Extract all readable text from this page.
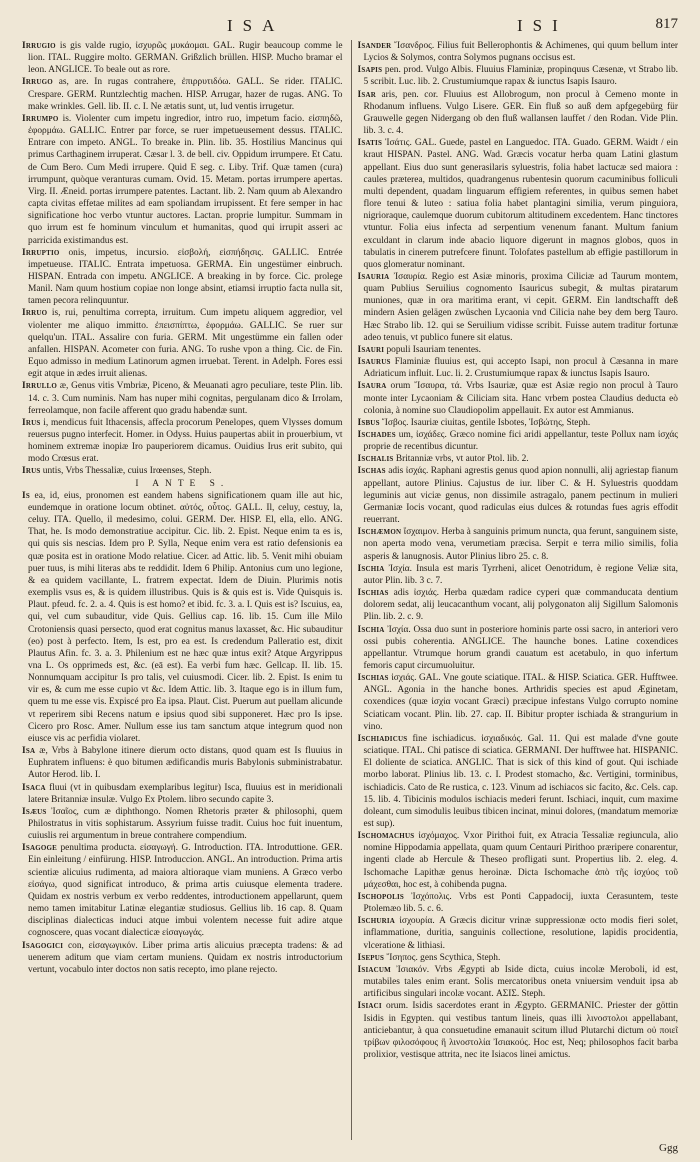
ISA	ISI	817

Irrugio is gis valde rugio, ἰσχυρῶς μυκάομαι. GAL. Rugir beaucoup comme le lion. ITAL. Ruggire molto. GERMAN. Grißzlich brüllen. HISP. Mucho bramar el leon. ANGLICE. To beale out as rore.

Irrugo as, are. In rugas contrahere, ἐπιρρυτιδόω. GALL. Se rider. ITALIC. Crespare. GERM. Runtzlechtig machen. HISP. Arrugar, hazer de rugas. ANG. To make wrinkles. Gell. lib. II. c. I. Ne ætatis sunt, ut, lud ventis irrugetur.

Irrumpo is. Violenter cum impetu ingredior, intro ruo, impetum facio. εἰσπηδῶ, ἐφορμάω. GALLIC. Entrer par force, se ruer impetueusement dessus. ITALIC. Entrare con impeto. ANGL. To breake in. Plin. lib. 35. Hostilius Mancinus qui primus Carthaginem irruperat. Cæsar l. 3. de bell. civ. Oppidum irrumpere. Et Catu. de Cum Bero. Cum Medi irrupere. Quid E seg. c. Liby. Trif. Quæ tamen (cura) irrumpunt, quòque veranturas cumam. Ovid. 15. Metam. portas irrumpere apertas. Virg. II. Æneid. portas irrumpere patentes. Lactant. lib. 2. Nam quum ab Alexandro capta civitas effetae milites ad eam spoliandam irrupissent. Et fere semper in hac significatione hoc verbo vtuntur auctores. Lactan. proprie lumpitur. Summam in quo irrum est fe hominum vinculum et humanitas, quod qui irrupit asseri ac parricida existimandus est.

Irruptio onis, impetus, incursio. εἰσβολή, εἰσπήδησις. GALLIC. Entrée impetueuse. ITALIC. Entrata impetuosa. GERMA. Ein ungestümer einbruch. HISPAN. Entrada con impetu. ANGLICE. A breaking in by force. Cic. prolege Manil. Nam quum hostium copiae non longe absint, etiamsi irruptio facta nulla sit, tamen pecora relinquuntur.

Irruo is, rui, penultima correpta, irruitum. Cum impetu aliquem aggredior, vel violenter me aliquo immitto. ἐπεισπίπτω, ἐφορμάω. GALLIC. Se ruer sur quelqu'un. ITAL. Assalire con furia. GERM. Mit ungestümme ein fallen oder anfallen. HISPAN. Acometer con furia. ANG. To rushe vpon a thing. Cic. de Fin. Equo admisso in medium Latinorum agmen irruebat. Terent. in Adelph. Fores essi egit atque in ædes irruit alienas.

Irrullo æ, Genus vitis Vmbriæ, Piceno, & Meuanati agro peculiare, teste Plin. lib. 14. c. 3. Cum numinis. Nam has nuper mihi cognitas, pergulanam dico & Irrolam, ferreolamque, non facile afferent quo gradu habendæ sunt.

Irus i, mendicus fuit Ithacensis, affecla procorum Penelopes, quem Vlysses domum reuersus pugno interfecit. Homer. in Odyss. Huius paupertas abiit in prouerbium, vt hominem extremæ inopiæ Iro pauperiorem dicamus. Ouidius Irus erit subito, qui modo Crœsus erat.

Irus untis, Vrbs Thessaliæ, cuius Irœenses, Steph.

I ANTE S.

Is ea, id, eius, pronomen est eandem habens significationem quam ille aut hic, eundemque in oratione locum obtinet. αὐτός, οὗτος. GALL. Il, celuy, cestuy, la, celuy. ITA. Quello, il medesimo, colui. GERM. Der. HISP. El, ella, ello. ANG. That, he. Is modo demonstratiue accipitur. Cic. lib. 2. Epist. Neque enim ta es is, qui quis sis nescias. Idem pro P. Sylla, Neque enim vera est ratio defensionis ea quæ posita est in oratione Modo relatiue. Cicer. ad Attic. lib. 5. Venit mihi obuiam puer tuus, is mihi literas abs te reddidit. Idem 6 Philip. Antonius cum uno legione, & ea quidem vacillante, L. fratrem expectat. Idem de Diuin. Plurimis notis exemplis vsus es, & is quidem illustribus. Quis is & quis est is. Vide Quisquis is. Plaut. pfeud. fc. 2. a. 4. Quis is est homo? et ibid. fc. 3. a. I. Quis est is? Iscuius, ea, qui, vel cum subauditur, vide Quis. Gellius cap. 16. lib. 15. Cum ille Milo Crotoniensis quasi persecto, quod erat cognitus manus laxasset, &c. Hic subauditur (eo) post à perfecto. Item, Is est, pro ea est. Is credendum Palleratio est, dixit Plautus Afin. fc. 3. a. 3. Philenium est ne hæc quæ intus exit? Atque Argyrippus vna L. Os opprimeds est, &c. (eā est). Ea verbi fum hæc. Gellcap. II. lib. 15. Nonnumquam accipitur Is pro talis, vel cuiusmodi. Cicer. lib. 2. Epist. Is enim tu vir es, & cum me esse cupio vt &c. Idem Attic. lib. 3. Itaque ego is in illum fum, quem tu me esse vis. Expiscé pro Ea ipsa. Plaut. Cist. Puerum aut puellam alicunde vt reperirem sibi Recens natum e ipsius quod sibi supponeret. Hæc pro Is ipse. Cicero pro Rosc. Amer. Nullum esse ius tam sanctum atque integrum quod non eiusce vis ac perfidia violaret.

Isa æ, Vrbs à Babylone itinere dierum octo distans, quod quam est Is fluuius in Euphratem influens: è quo bitumen ædificandis muris Babylonis subministrabatur. Autor Herod. lib. I.

Isaca fluui (vt in quibusdam exemplaribus legitur) Isca, fluuius est in meridionali latere Britanniæ insulæ. Vulgo Ex Ptolem. libro secundo capite 3.

Isæus Ἰσαῖος, cum æ diphthongo. Nomen Rhetoris præter & philosophi, quem Philostratus in vitis sophistarum. Assyrium fuisse tradit. Cuius hoc fuit inuentum, cuiuslis rei argumentum in breue contrahere compendium.

Isagoge penultima producta. εἰσαγωγή. G. Introduction. ITA. Introduttione. GER. Ein einleitung / einfürung. HISP. Introduccion. ANGL. An introduction. Prima artis scientiæ alicuius rudimenta, ad maiora altioraque viam muniens. A Græco verbo εἰσάγω, quod significat introduco, & prima artis cuiusque elementa tradere. Quidam ex nostris verbum ex verbo reddentes, introductionem appellarunt, quem nemo tamen imitabitur Latinæ elegantiæ studiosus. Gellius lib. 16 cap. 8. Quam disciplinas dialecticas induci atque imbui volentem necesse fuit adire atque cognoscere, quas vocant dialecticæ εἰσαγωγάς.

Isagogici con, εἰσαγωγικόν. Liber prima artis alicuius præcepta tradens: & ad uenerem aditum que viam certam muniens. Quidam ex nostris introductorium vertunt, vocabulo inter doctos non satis recepto, imo plane rejecto.

Isander Ἴσανδρος. Filius fuit Bellerophontis & Achimenes, qui quum bellum inter Lycios & Solymos, contra Solymos pugnans occisus est.

Isapis pen. prod. Vulgo Albis. Fluuius Flaminiæ, propinquus Cæsenæ, vt Strabo lib. 5 scribit. Luc. lib. 2. Crustumiumque rapax & iunctus Isapis Isauro.

Isar aris, pen. cor. Fluuius est Allobrogum, non procul à Cemeno monte in Rhodanum influens. Vulgo Lisere. GER. Ein fluß so auß dem apfgegebürg für Grauwelle gegen Nidergang ob den fluß wallansen lauffet / den Rodan. Vide Plin. lib. 3. c. 4.

Isatis Ἰσάτις. GAL. Guede, pastel en Languedoc. ITA. Guado. GERM. Waidt / ein kraut HISPAN. Pastel. ANG. Wad. Græcis vocatur herba quam Latini glastum appellant. Eius duo sunt generasilaris syluestris, folia habet lactucæ sed maiora : caules præterea, multidos, quadrangenus rubentesin quorum cacuminibus folliculi multi dependent, quadam linguarum effigiem referentes, in quibus semen habet flore tenui & luteo : satiua folia habet plantagini similia, verum pinguiora, nigrioraque, caulemque duorum cubitorum altitudinem excedentem. Hanc tinctores vtuntur. Folia eius infecta ad serpentium venenum fanant. Multum fanium exculdant in clarum inde abacio liquore digerunt in magnos globos, quos in tabulatis in cinerem putrefcere finunt. Tolofates pastellum ab effigie pastillorum in quos glomeratur nominant.

Isauria Ἰσαυρία. Regio est Asiæ minoris, proxima Ciliciæ ad Taurum montem, quam Publius Seruilius cognomento Isauricus subegit, & multas piratarum muniones, quæ in ora maritima erant, vi cepit. GERM. Ein landtschafft deß mindern Asien gelägen zwüschen Lycaonia vnd Cilicia nahe bey dem berg Tauro. Hæc Strabo lib. 12. qui se Seruilium vidisse scribit. Fuisse autem traditur fortunæ adeo tenuis, vt publico funere sit elatus.

Isauri populi Isauriam tenentes.

Isaurus Flaminiæ fluuius est, qui accepto Isapi, non procul à Cæsanna in mare Adriaticum influit. Luc. li. 2. Crustumiumque rapax & iunctus Isapis Isauro.

Isaura orum Ἴσαυρα, τά. Vrbs Isauriæ, quæ est Asiæ regio non procul à Tauro monte inter Lycaoniam & Ciliciam sita. Hanc vrbem postea Claudius deducta eò colonia, à nomine suo Claudiopolim appellauit. Ex autor est Ammianus.

Isbus Ἴσβος. Isauriæ ciuitas, gentile Isbotes, Ἰσβώτης, Steph.

Ischades um, ἰσχάδες. Græco nomine fici aridi appellantur, teste Pollux nam ἰσχάς proprie de recentibus dicuntur.

Ischalis Britanniæ vrbs, vt autor Ptol. lib. 2.

Ischas adis ἰσχάς. Raphani agrestis genus quod apion nonnulli, alij agriestap fianum appellant, autore Plinius. Cajustus de iur. liber C. & H. Syluestris quoddam leguminis aut viciæ genus, non dissimile astragalo, panem pectinum in mulieri Germaniæ Iocis vocant, quod radiculas eius dulces & rotundas fues agris effodit reuerrant.

Ischæmon ἴσχαιμον. Herba à sanguinis primum nuncta, qua ferunt, sanguinem siste, non aperta modo vena, verumetiam præcisa. Serpit e terra milio similis, folia asperis & lanugnosis. Autor Plinius libro 25. c. 8.

Ischia Ἰσχία. Insula est maris Tyrrheni, alicet Oenotridum, è regione Veliæ sita, autor Plin. lib. 3 c. 7.

Ischias adis ἰσχιάς. Herba quædam radice cyperi quæ commanducata dentium dolorem sedat, alij leucacanthum vocant, alij polygonaton alij Sigillum Salomonis Plin. lib. 2. c. 9.

Ischia Ἰσχία. Ossa duo sunt in posteriore hominis parte ossi sacro, in anteriori vero ossi pubis coherentia. ANGLICE. The haunche bones. Latine coxendices appellantur. Vtrumque horum grandi cauatum est acetabulo, in quo infertum femoris caput circumuoluitur.

Ischias ἰσχιάς. GAL. Vne goute sciatique. ITAL. & HISP. Sciatica. GER. Hufftwee. ANGL. Agonia in the hanche bones. Arthridis species est apud Æginetam, coxendices (quæ ἰσχία vocant Græci) præcipue infestans Vulgo corrupto nomine Sciaticam vocant. Plin. lib. 27. cap. II. Bibitur propter ischiada & strangurium in vino.

Ischiadicus fine ischiadicus. ἰσχιαδικός. Gal. 11. Qui est malade d'vne goute sciatique. ITAL. Chi patisce di sciatica. GERMANI. Der hufftwee hat. HISPANIC. El doliente de sciatica. ANGLIC. That is sick of this kind of gout. Qui ischiade morbo laborat. Plinius lib. 13. c. I. Prodest stomacho, &c. Vertigini, torminibus, ischiadicis. Cato de Re rustica, c. 123. Vinum ad ischiacos sic facito, &c. Cels. cap. 15. lib. 4. Tibicinis modulos ischiacis mederi ferunt. Ischiaci, inquit, cum maxime doleant, cum simodulis leuibus tibicen incinat, minui dolores, (mandatum memoriæ est sup).

Ischomachus ἰσχόμαχος. Vxor Pirithoi fuit, ex Atracia Tessaliæ regiuncula, alio nomine Hippodamia appellata, quam quum Centauri Pirithoo præripere conarentur, ingenti clade ab Hercule & Theseo profligati sunt. Propertius lib. 2. eleg. 4. Ischomache Lapithæ genus heroinæ. Dicta Ischomache ἀπὸ τῆς ἰσχύος τοῦ μάχεσθαι, hoc est, à cohibenda pugna.

Ischopolis Ἰσχόπολις. Vrbs est Ponti Cappadocij, iuxta Cerasuntem, teste Ptolemæo lib. 5. c. 6.

Ischuria ἰσχουρία. A Græcis dicitur vrinæ suppressionæ octo modis fieri solet, inflammatione, duritia, sanguinis collectione, resolutione, lapidis procidentia, vlceratione & lithiasi.

Isepus Ἴσηπος. gens Scythica, Steph.

Isiacum Ἰσιακόν. Vrbs Ægypti ab Iside dicta, cuius incolæ Meroboli, id est, mutabiles tales enim erant. Solis mercatoribus oneta vniuersim venduit ipsa ab artificibus singulari incolæ vocant. ΑΣΙΣ. Steph.

Isiaci orum. Isidis sacerdotes erant in Ægypto. GERMANIC. Priester der göttin Isidis in Egypten. qui vestibus tantum lineis, quas illi λινοστολοι appellabant, anticiebantur, à qua consuetudine emanauit scitum illud Plutarchi dictum οὐ ποιεῖ τρίβων φιλοσόφους ἢ λινοστολία Ἰσιακούς. Hoc est, Neq; philosophos facit barba prolixior, vestisque attrita, nec ite Isiacos linei amictus.

Ggg
